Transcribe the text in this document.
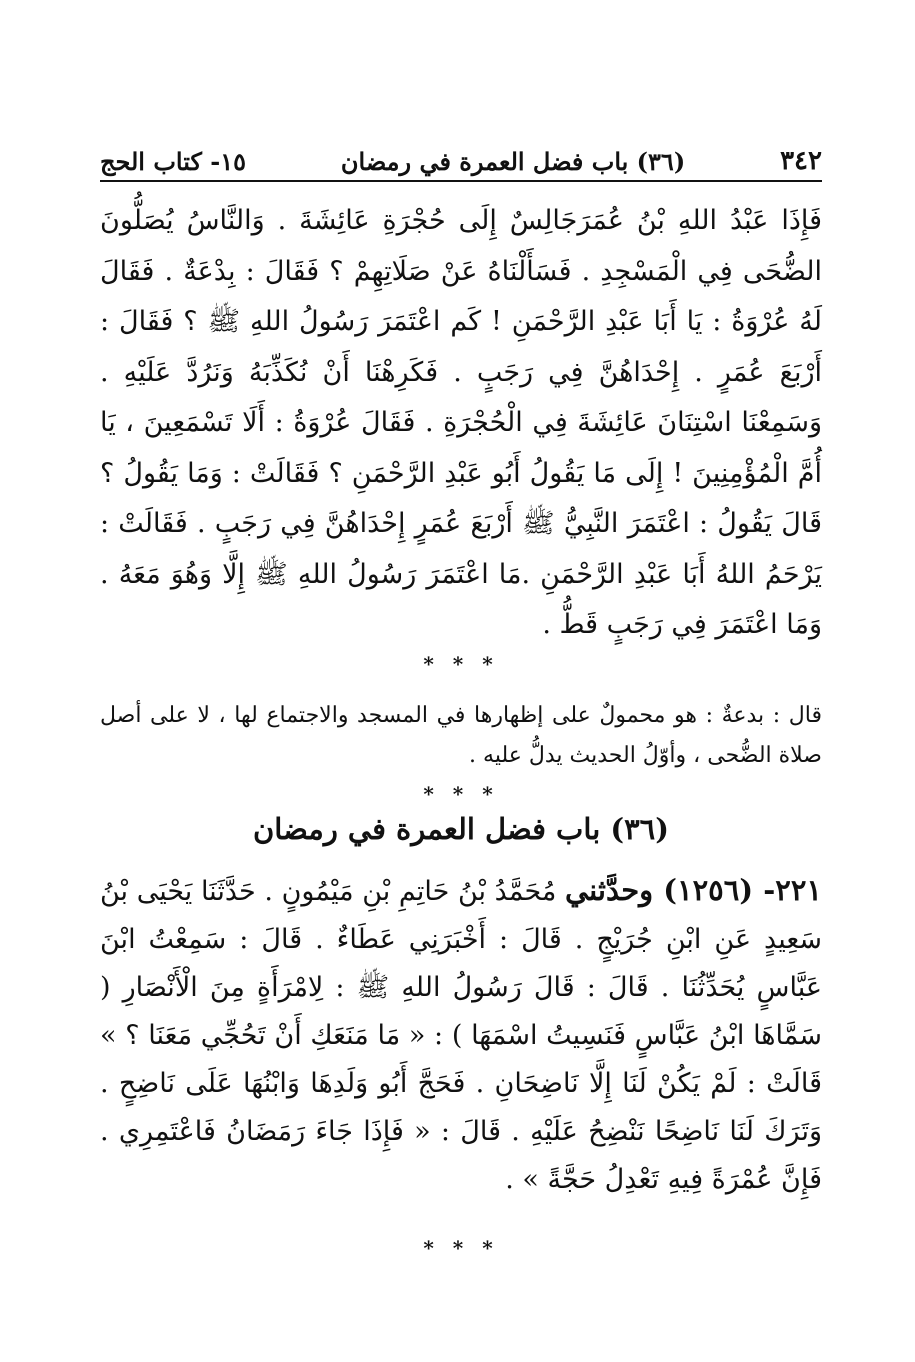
٣٤٢
(٣٦) باب فضل العمرة في رمضان
١٥- كتاب الحج
فَإِذَا عَبْدُ اللهِ بْنُ عُمَرَجَالِسٌ إِلَى حُجْرَةِ عَائِشَةَ . وَالنَّاسُ يُصَلُّونَ الضُّحَى فِي الْمَسْجِدِ . فَسَأَلْنَاهُ عَنْ صَلَاتِهِمْ ؟ فَقَالَ : بِدْعَةٌ . فَقَالَ لَهُ عُرْوَةُ : يَا أَبَا عَبْدِ الرَّحْمَنِ ! كَم اعْتَمَرَ رَسُولُ اللهِ ﷺ ؟ فَقَالَ : أَرْبَعَ عُمَرٍ . إِحْدَاهُنَّ فِي رَجَبٍ . فَكَرِهْنَا أَنْ نُكَذِّبَهُ وَنَرُدَّ عَلَيْهِ . وَسَمِعْنَا اسْتِنَانَ عَائِشَةَ فِي الْحُجْرَةِ . فَقَالَ عُرْوَةُ : أَلَا تَسْمَعِينَ ، يَا أُمَّ الْمُؤْمِنِينَ ! إِلَى مَا يَقُولُ أَبُو عَبْدِ الرَّحْمَنِ ؟ فَقَالَتْ : وَمَا يَقُولُ ؟ قَالَ يَقُولُ : اعْتَمَرَ النَّبِيُّ ﷺ أَرْبَعَ عُمَرٍ إِحْدَاهُنَّ فِي رَجَبٍ . فَقَالَتْ : يَرْحَمُ اللهُ أَبَا عَبْدِ الرَّحْمَنِ .مَا اعْتَمَرَ رَسُولُ اللهِ ﷺ إِلَّا وَهُوَ مَعَهُ . وَمَا اعْتَمَرَ فِي رَجَبٍ قَطُّ .
* * *
قال : بدعةٌ : هو محمولٌ على إظهارها في المسجد والاجتماع لها ، لا على أصل صلاة الضُّحى ، وأوّلُ الحديث يدلُّ عليه .
* * *
(٣٦) باب فضل العمرة في رمضان
٢٢١- (١٢٥٦) وحدَّثني مُحَمَّدُ بْنُ حَاتِمِ بْنِ مَيْمُونٍ . حَدَّثَنَا يَحْيَى بْنُ سَعِيدٍ عَنِ ابْنِ جُرَيْجٍ . قَالَ : أَخْبَرَنِي عَطَاءٌ . قَالَ : سَمِعْتُ ابْنَ عَبَّاسٍ يُحَدِّثُنَا . قَالَ : قَالَ رَسُولُ اللهِ ﷺ : لِامْرَأَةٍ مِنَ الْأَنْصَارِ ( سَمَّاهَا ابْنُ عَبَّاسٍ فَنَسِيتُ اسْمَهَا ) : « مَا مَنَعَكِ أَنْ تَحُجِّي مَعَنَا ؟ » قَالَتْ : لَمْ يَكُنْ لَنَا إِلَّا نَاضِحَانِ . فَحَجَّ أَبُو وَلَدِهَا وَابْنُهَا عَلَى نَاضِحٍ . وَتَرَكَ لَنَا نَاضِحًا نَنْضِحُ عَلَيْهِ . قَالَ : « فَإِذَا جَاءَ رَمَضَانُ فَاعْتَمِرِي . فَإِنَّ عُمْرَةً فِيهِ تَعْدِلُ حَجَّةً » .
* * *
